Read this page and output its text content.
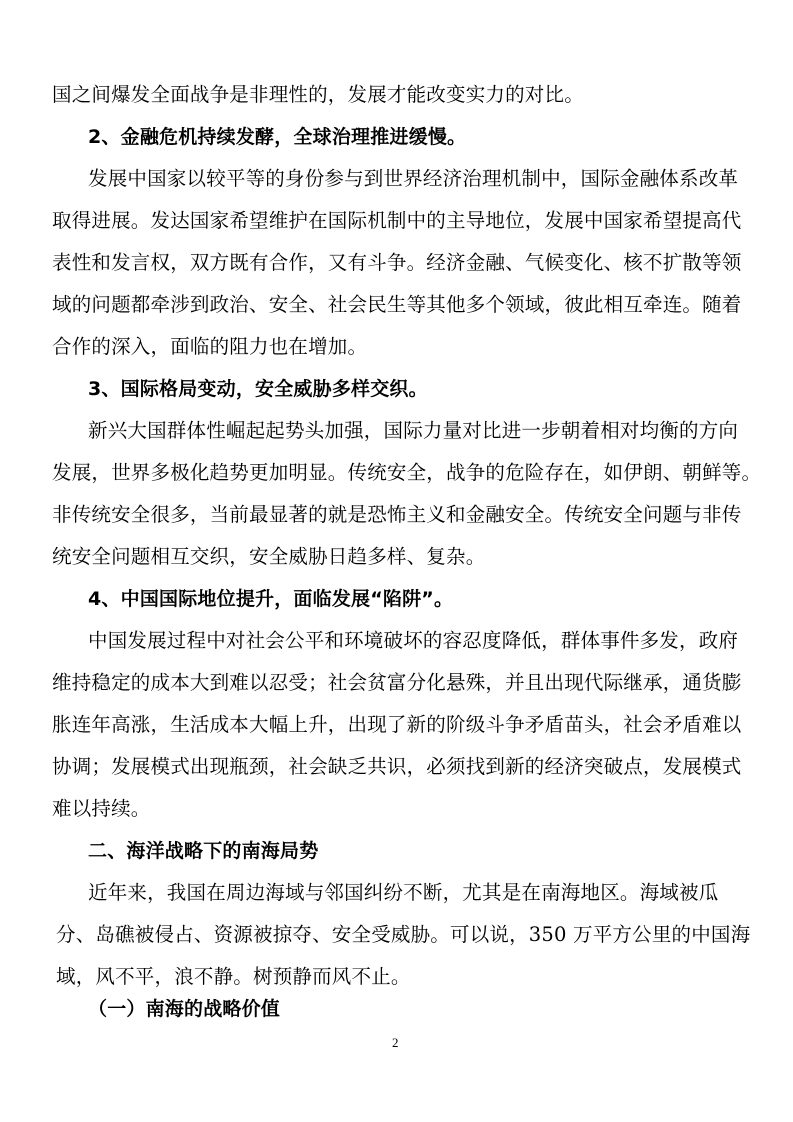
国之间爆发全面战争是非理性的，发展才能改变实力的对比。
2、金融危机持续发酵，全球治理推进缓慢。
发展中国家以较平等的身份参与到世界经济治理机制中，国际金融体系改革
取得进展。发达国家希望维护在国际机制中的主导地位，发展中国家希望提高代
表性和发言权，双方既有合作，又有斗争。经济金融、气候变化、核不扩散等领
域的问题都牵涉到政治、安全、社会民生等其他多个领域，彼此相互牵连。随着
合作的深入，面临的阻力也在增加。
3、国际格局变动，安全威胁多样交织。
新兴大国群体性崛起起势头加强，国际力量对比进一步朝着相对均衡的方向
发展，世界多极化趋势更加明显。传统安全，战争的危险存在，如伊朗、朝鲜等。
非传统安全很多，当前最显著的就是恐怖主义和金融安全。传统安全问题与非传
统安全问题相互交织，安全威胁日趋多样、复杂。
4、中国国际地位提升，面临发展“陷阱”。
中国发展过程中对社会公平和环境破坏的容忍度降低，群体事件多发，政府
维持稳定的成本大到难以忍受；社会贫富分化悬殊，并且出现代际继承，通货膨
胀连年高涨，生活成本大幅上升，出现了新的阶级斗争矛盾苗头，社会矛盾难以
协调；发展模式出现瓶颈，社会缺乏共识，必须找到新的经济突破点，发展模式
难以持续。
二、海洋战略下的南海局势
近年来，我国在周边海域与邻国纠纷不断，尤其是在南海地区。海域被瓜
分、岛礁被侵占、资源被掠夺、安全受威胁。可以说，350 万平方公里的中国海
域，风不平，浪不静。树预静而风不止。
（一）南海的战略价值
2
